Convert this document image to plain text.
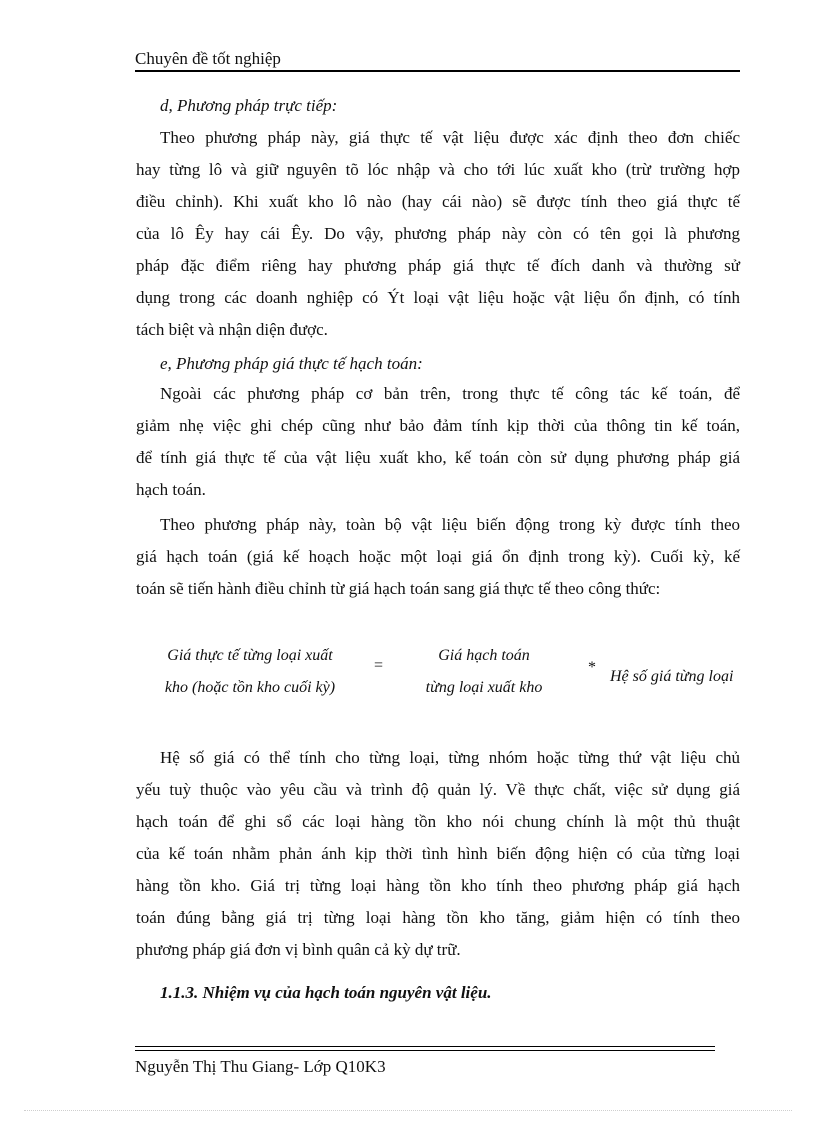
Chuyên đề tốt nghiệp
d, Phương pháp trực tiếp:
Theo phương pháp này, giá thực tế vật liệu được xác định theo đơn chiếc
hay từng lô và giữ nguyên tõ lóc nhập và cho tới lúc xuất kho (trừ trường hợp
điều chỉnh). Khi xuất kho lô nào (hay cái nào) sẽ được tính theo giá thực tế
của lô Êy hay cái Êy. Do vậy, phương pháp này còn có tên gọi là phương
pháp đặc điểm riêng hay phương pháp giá thực tế đích danh và thường sử
dụng trong các doanh nghiệp có Ýt loại vật liệu hoặc vật liệu ổn định, có tính
tách biệt và nhận diện được.
e, Phương pháp giá thực tế hạch toán:
Ngoài các phương pháp cơ bản trên, trong thực tế công tác kế toán, để
giảm nhẹ việc ghi chép cũng như bảo đảm tính kịp thời của thông tin kế toán,
để tính giá thực tế của vật liệu xuất kho, kế toán còn sử dụng phương pháp giá
hạch toán.
Theo phương pháp này, toàn bộ vật liệu biến động trong kỳ được tính theo
giá hạch toán (giá kế hoạch hoặc một loại giá ổn định trong kỳ). Cuối kỳ, kế
toán sẽ tiến hành điều chỉnh từ giá hạch toán sang giá thực tế theo công thức:
Giá thực tế từng loại xuất
kho (hoặc tồn kho cuối kỳ)
=
Giá hạch toán
từng loại xuất kho
*
Hệ số giá từng loại
Hệ số giá có thể tính cho từng loại, từng nhóm hoặc từng thứ vật liệu chủ
yếu tuỳ thuộc vào yêu cầu và trình độ quản lý. Về thực chất, việc sử dụng giá
hạch toán để ghi sổ các loại hàng tồn kho nói chung chính là một thủ thuật
của kế toán nhằm phản ánh kịp thời tình hình biến động hiện có của từng loại
hàng tồn kho. Giá trị từng loại hàng tồn kho tính theo phương pháp giá hạch
toán đúng bằng giá trị từng loại hàng tồn kho tăng, giảm hiện có tính theo
phương pháp giá đơn vị bình quân cả kỳ dự trữ.
1.1.3. Nhiệm vụ của hạch toán nguyên vật liệu.
Nguyễn Thị Thu Giang- Lớp Q10K3
